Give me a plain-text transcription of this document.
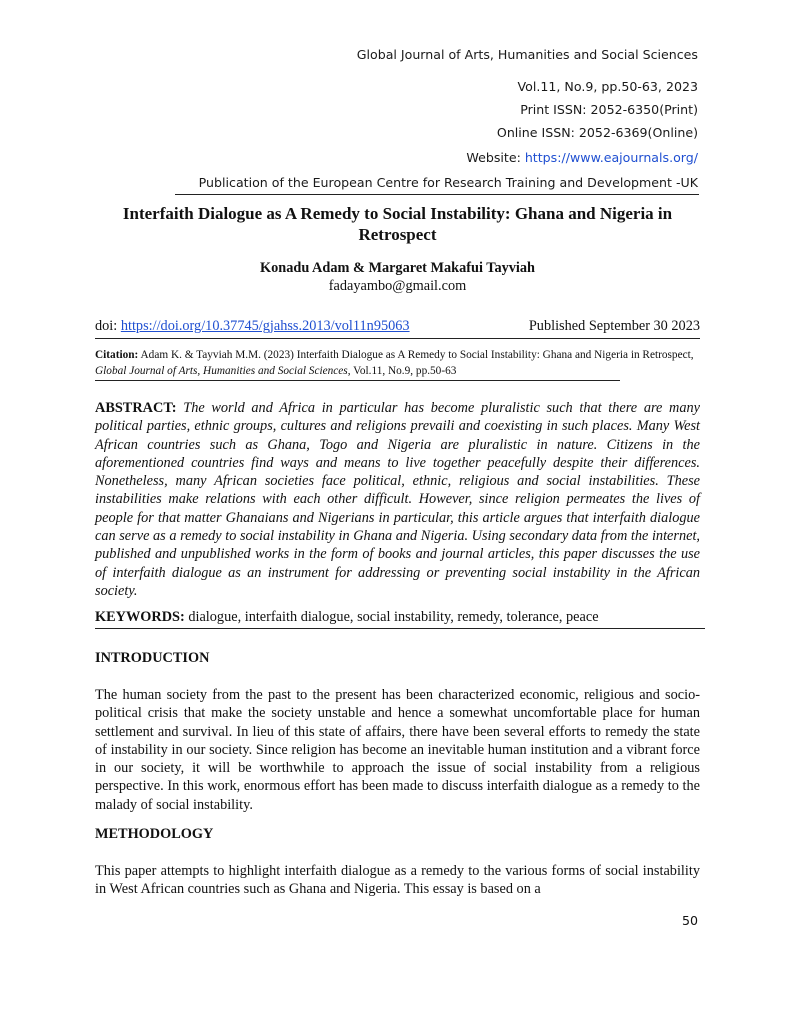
Global Journal of Arts, Humanities and Social Sciences
Vol.11, No.9, pp.50-63, 2023
Print ISSN: 2052-6350(Print)
Online ISSN: 2052-6369(Online)
Website: https://www.eajournals.org/
Publication of the European Centre for Research Training and Development -UK
Interfaith Dialogue as A Remedy to Social Instability: Ghana and Nigeria in Retrospect
Konadu Adam & Margaret Makafui Tayviah
fadayambo@gmail.com
doi: https://doi.org/10.37745/gjahss.2013/vol11n95063	Published September 30 2023
Citation: Adam K. & Tayviah M.M. (2023) Interfaith Dialogue as A Remedy to Social Instability: Ghana and Nigeria in Retrospect, Global Journal of Arts, Humanities and Social Sciences, Vol.11, No.9, pp.50-63
ABSTRACT: The world and Africa in particular has become pluralistic such that there are many political parties, ethnic groups, cultures and religions prevaili and coexisting in such places. Many West African countries such as Ghana, Togo and Nigeria are pluralistic in nature. Citizens in the aforementioned countries find ways and means to live together peacefully despite their differences. Nonetheless, many African societies face political, ethnic, religious and social instabilities. These instabilities make relations with each other difficult. However, since religion permeates the lives of people for that matter Ghanaians and Nigerians in particular, this article argues that interfaith dialogue can serve as a remedy to social instability in Ghana and Nigeria. Using secondary data from the internet, published and unpublished works in the form of books and journal articles, this paper discusses the use of interfaith dialogue as an instrument for addressing or preventing social instability in the African society.
KEYWORDS: dialogue, interfaith dialogue, social instability, remedy, tolerance, peace
INTRODUCTION
The human society from the past to the present has been characterized economic, religious and socio-political crisis that make the society unstable and hence a somewhat uncomfortable place for human settlement and survival. In lieu of this state of affairs, there have been several efforts to remedy the state of instability in our society. Since religion has become an inevitable human institution and a vibrant force in our society, it will be worthwhile to approach the issue of social instability from a religious perspective. In this work, enormous effort has been made to discuss interfaith dialogue as a remedy to the malady of social instability.
METHODOLOGY
This paper attempts to highlight interfaith dialogue as a remedy to the various forms of social instability in West African countries such as Ghana and Nigeria. This essay is based on a
50
